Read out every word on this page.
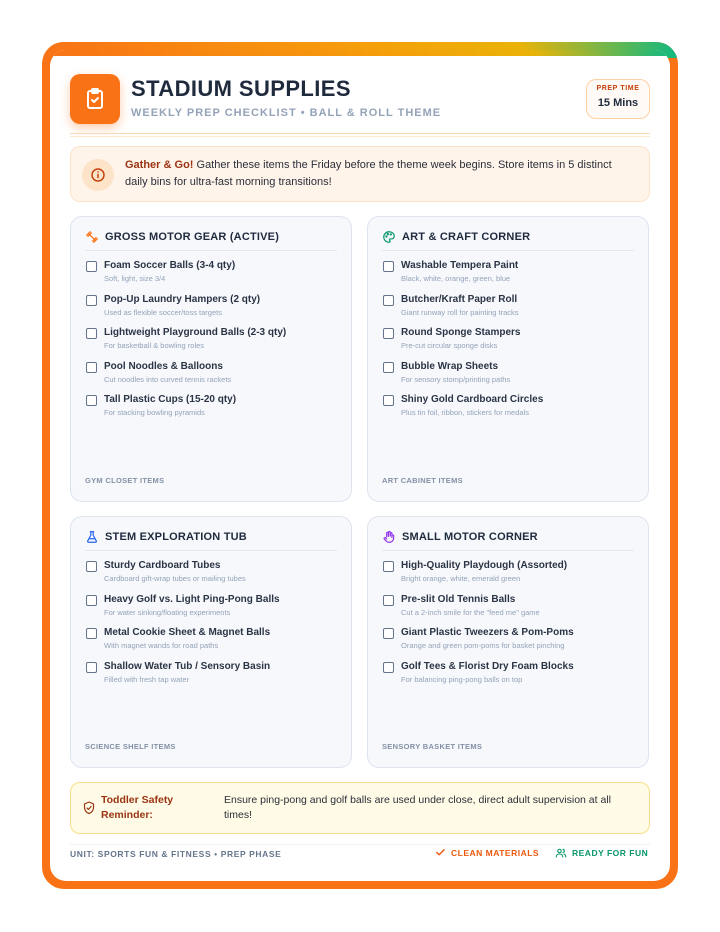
STADIUM SUPPLIES
WEEKLY PREP CHECKLIST • BALL & ROLL THEME
PREP TIME
15 Mins
Gather & Go! Gather these items the Friday before the theme week begins. Store items in 5 distinct daily bins for ultra-fast morning transitions!
GROSS MOTOR GEAR (ACTIVE)
Foam Soccer Balls (3-4 qty)
Soft, light, size 3/4
Pop-Up Laundry Hampers (2 qty)
Used as flexible soccer/toss targets
Lightweight Playground Balls (2-3 qty)
For basketball & bowling roles
Pool Noodles & Balloons
Cut noodles into curved tennis rackets
Tall Plastic Cups (15-20 qty)
For stacking bowling pyramids
GYM CLOSET ITEMS
ART & CRAFT CORNER
Washable Tempera Paint
Black, white, orange, green, blue
Butcher/Kraft Paper Roll
Giant runway roll for painting tracks
Round Sponge Stampers
Pre-cut circular sponge disks
Bubble Wrap Sheets
For sensory stomp/printing paths
Shiny Gold Cardboard Circles
Plus tin foil, ribbon, stickers for medals
ART CABINET ITEMS
STEM EXPLORATION TUB
Sturdy Cardboard Tubes
Cardboard gift-wrap tubes or mailing tubes
Heavy Golf vs. Light Ping-Pong Balls
For water sinking/floating experiments
Metal Cookie Sheet & Magnet Balls
With magnet wands for road paths
Shallow Water Tub / Sensory Basin
Filled with fresh tap water
SCIENCE SHELF ITEMS
SMALL MOTOR CORNER
High-Quality Playdough (Assorted)
Bright orange, white, emerald green
Pre-slit Old Tennis Balls
Cut a 2-inch smile for the "feed me" game
Giant Plastic Tweezers & Pom-Poms
Orange and green pom-poms for basket pinching
Golf Tees & Florist Dry Foam Blocks
For balancing ping-pong balls on top
SENSORY BASKET ITEMS
Toddler Safety Reminder:
Ensure ping-pong and golf balls are used under close, direct adult supervision at all times!
UNIT: SPORTS FUN & FITNESS • PREP PHASE	CLEAN MATERIALS	READY FOR FUN
